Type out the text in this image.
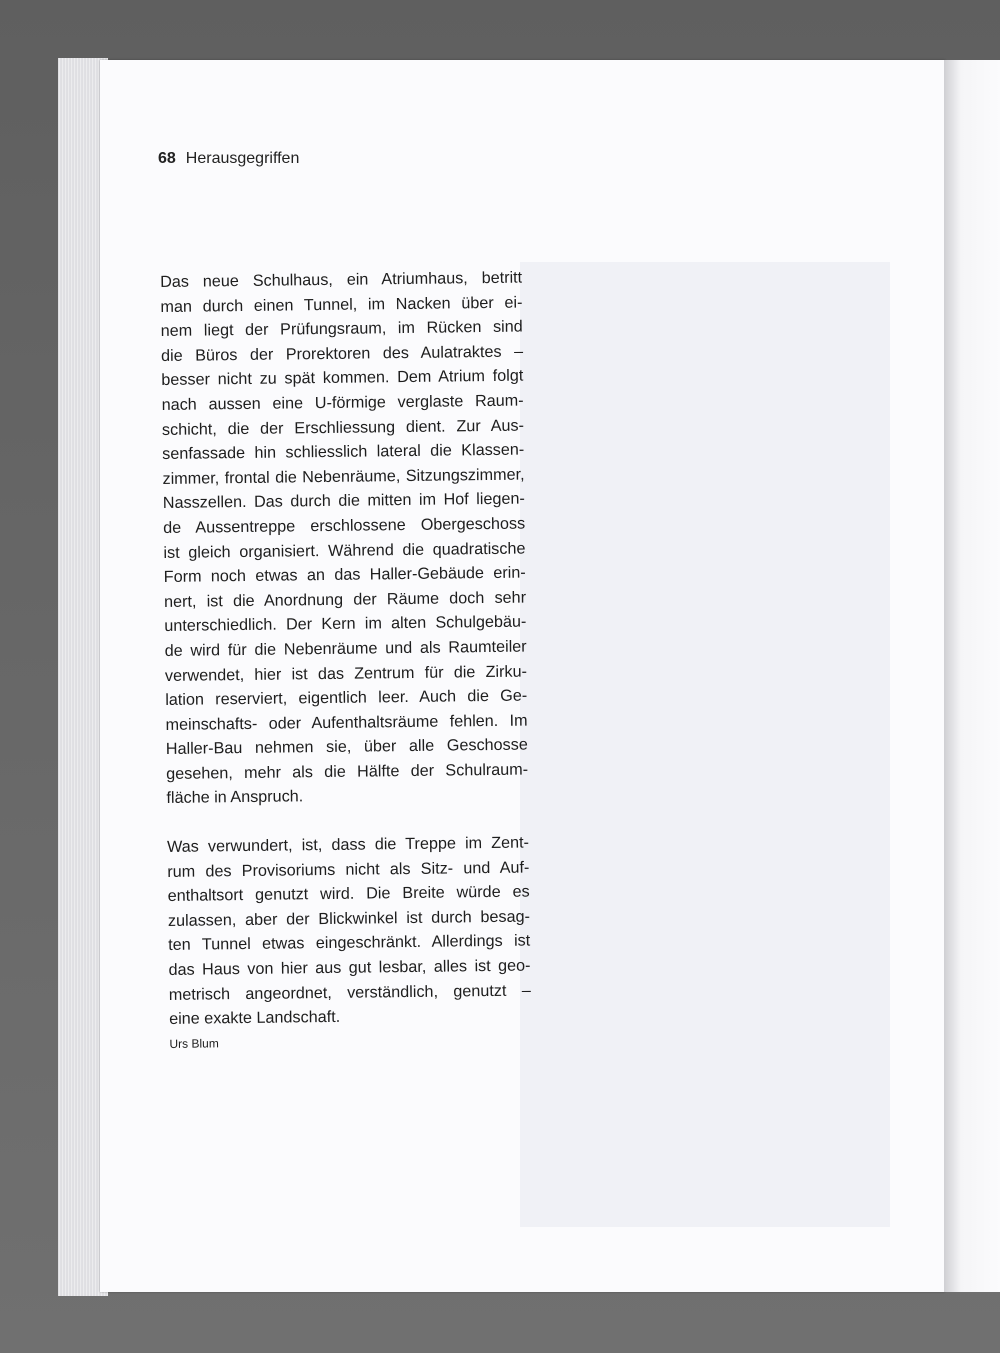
68 Herausgegriffen
Das neue Schulhaus, ein Atriumhaus, betritt
man durch einen Tunnel, im Nacken über ei-
nem liegt der Prüfungsraum, im Rücken sind
die Büros der Prorektoren des Aulatraktes –
besser nicht zu spät kommen. Dem Atrium folgt
nach aussen eine U-förmige verglaste Raum-
schicht, die der Erschliessung dient. Zur Aus-
senfassade hin schliesslich lateral die Klassen-
zimmer, frontal die Nebenräume, Sitzungszimmer,
Nasszellen. Das durch die mitten im Hof liegen-
de Aussentreppe erschlossene Obergeschoss
ist gleich organisiert. Während die quadratische
Form noch etwas an das Haller-Gebäude erin-
nert, ist die Anordnung der Räume doch sehr
unterschiedlich. Der Kern im alten Schulgebäu-
de wird für die Nebenräume und als Raumteiler
verwendet, hier ist das Zentrum für die Zirku-
lation reserviert, eigentlich leer. Auch die Ge-
meinschafts- oder Aufenthaltsräume fehlen. Im
Haller-Bau nehmen sie, über alle Geschosse
gesehen, mehr als die Hälfte der Schulraum-
fläche in Anspruch.
Was verwundert, ist, dass die Treppe im Zent-
rum des Provisoriums nicht als Sitz- und Auf-
enthaltsort genutzt wird. Die Breite würde es
zulassen, aber der Blickwinkel ist durch besag-
ten Tunnel etwas eingeschränkt. Allerdings ist
das Haus von hier aus gut lesbar, alles ist geo-
metrisch angeordnet, verständlich, genutzt –
eine exakte Landschaft.
Urs Blum
